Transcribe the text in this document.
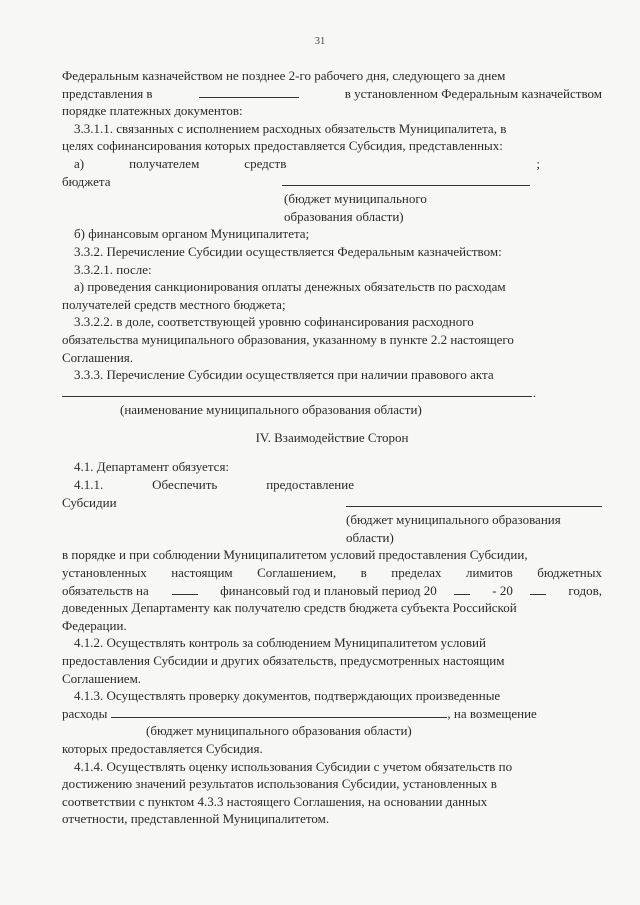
31
Федеральным казначейством не позднее 2-го рабочего дня, следующего за днем
представления в	в установленном Федеральным казначейством

порядке платежных документов:

3.3.1.1. связанных с исполнением расходных обязательств Муниципалитета, в

целях софинансирования которых предоставляется Субсидия, представленных:

а)	получателем	средств	;
бюджета

(бюджет муниципального

образования области)

б) финансовым органом Муниципалитета;

3.3.2. Перечисление Субсидии осуществляется Федеральным казначейством:

3.3.2.1. после:

а) проведения санкционирования оплаты денежных обязательств по расходам

получателей средств местного бюджета;

3.3.2.2. в доле, соответствующей уровню софинансирования расходного

обязательства муниципального образования, указанному в пункте 2.2 настоящего

Соглашения.

3.3.3. Перечисление Субсидии осуществляется при наличии правового акта

.

(наименование муниципального образования области)

IV. Взаимодействие Сторон

4.1. Департамент обязуется:

4.1.1.	Обеспечить	предоставление
Субсидии

(бюджет муниципального образования

области)

в порядке и при соблюдении Муниципалитетом условий предоставления Субсидии,

установленных настоящим Соглашением, в пределах лимитов бюджетных

обязательств на	финансовый год и плановый период 20	- 20	годов,

доведенных Департаменту как получателю средств бюджета субъекта Российской

Федерации.

4.1.2. Осуществлять контроль за соблюдением Муниципалитетом условий

предоставления Субсидии и других обязательств, предусмотренных настоящим

Соглашением.

4.1.3. Осуществлять проверку документов, подтверждающих произведенные

расходы	, на возмещение

(бюджет муниципального образования области)

которых предоставляется Субсидия.

4.1.4. Осуществлять оценку использования Субсидии с учетом обязательств по

достижению значений результатов использования Субсидии, установленных в

соответствии с пунктом 4.3.3 настоящего Соглашения, на основании данных

отчетности, представленной Муниципалитетом.
